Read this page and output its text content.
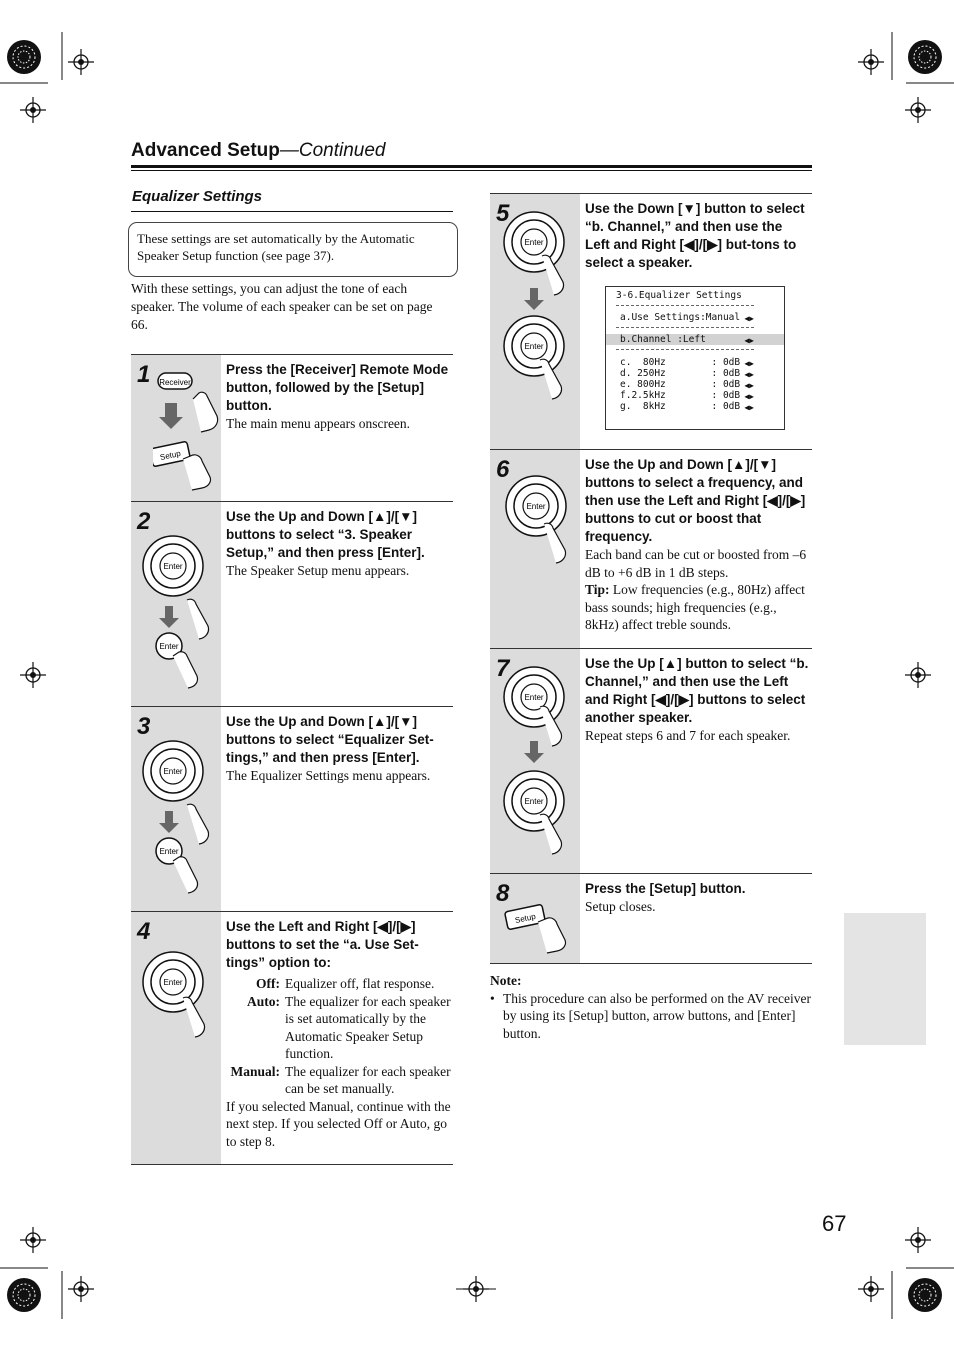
Advanced Setup—Continued
Equalizer Settings
These settings are set automatically by the Automatic Speaker Setup function (see page 37).
With these settings, you can adjust the tone of each speaker. The volume of each speaker can be set on page 66.
1 Receiver
Setup
Press the [Receiver] Remote Mode button, followed by the [Setup] button.
The main menu appears onscreen.
2
Enter
Enter
Use the Up and Down [▲]/[▼] buttons to select “3. Speaker Setup,” and then press [Enter].
The Speaker Setup menu appears.
3
Enter
Enter
Use the Up and Down [▲]/[▼] buttons to select “Equalizer Set-tings,” and then press [Enter].
The Equalizer Settings menu appears.
4
Enter
Use the Left and Right [◀]/[▶] buttons to set the “a. Use Set-tings” option to:
Off: Equalizer off, flat response.
Auto: The equalizer for each speaker is set automatically by the Automatic Speaker Setup function.
Manual: The equalizer for each speaker can be set manually.
If you selected Manual, continue with the next step. If you selected Off or Auto, go to step 8.
5
Enter
Enter
Use the Down [▼] button to select “b. Channel,” and then use the Left and Right [◀]/[▶] but-tons to select a speaker.
3-6.Equalizer Settings
a.Use Settings:Manual
b.Channel :Left
c.  80Hz        : 0dB
d. 250Hz        : 0dB
e. 800Hz        : 0dB
f.2.5kHz        : 0dB
g.  8kHz        : 0dB
◀▶
◀▶
◀▶
◀▶
◀▶
◀▶
◀▶
6
Enter
Use the Up and Down [▲]/[▼] buttons to select a frequency, and then use the Left and Right [◀]/[▶] buttons to cut or boost that frequency.
Each band can be cut or boosted from –6 dB to +6 dB in 1 dB steps.
Tip: Low frequencies (e.g., 80Hz) affect bass sounds; high frequencies (e.g., 8kHz) affect treble sounds.
7
Enter
Enter
Use the Up [▲] button to select “b. Channel,” and then use the Left and Right [◀]/[▶] buttons to select another speaker.
Repeat steps 6 and 7 for each speaker.
8
Setup
Press the [Setup] button.
Setup closes.
Note:
• This procedure can also be performed on the AV receiver by using its [Setup] button, arrow buttons, and [Enter] button.
67
